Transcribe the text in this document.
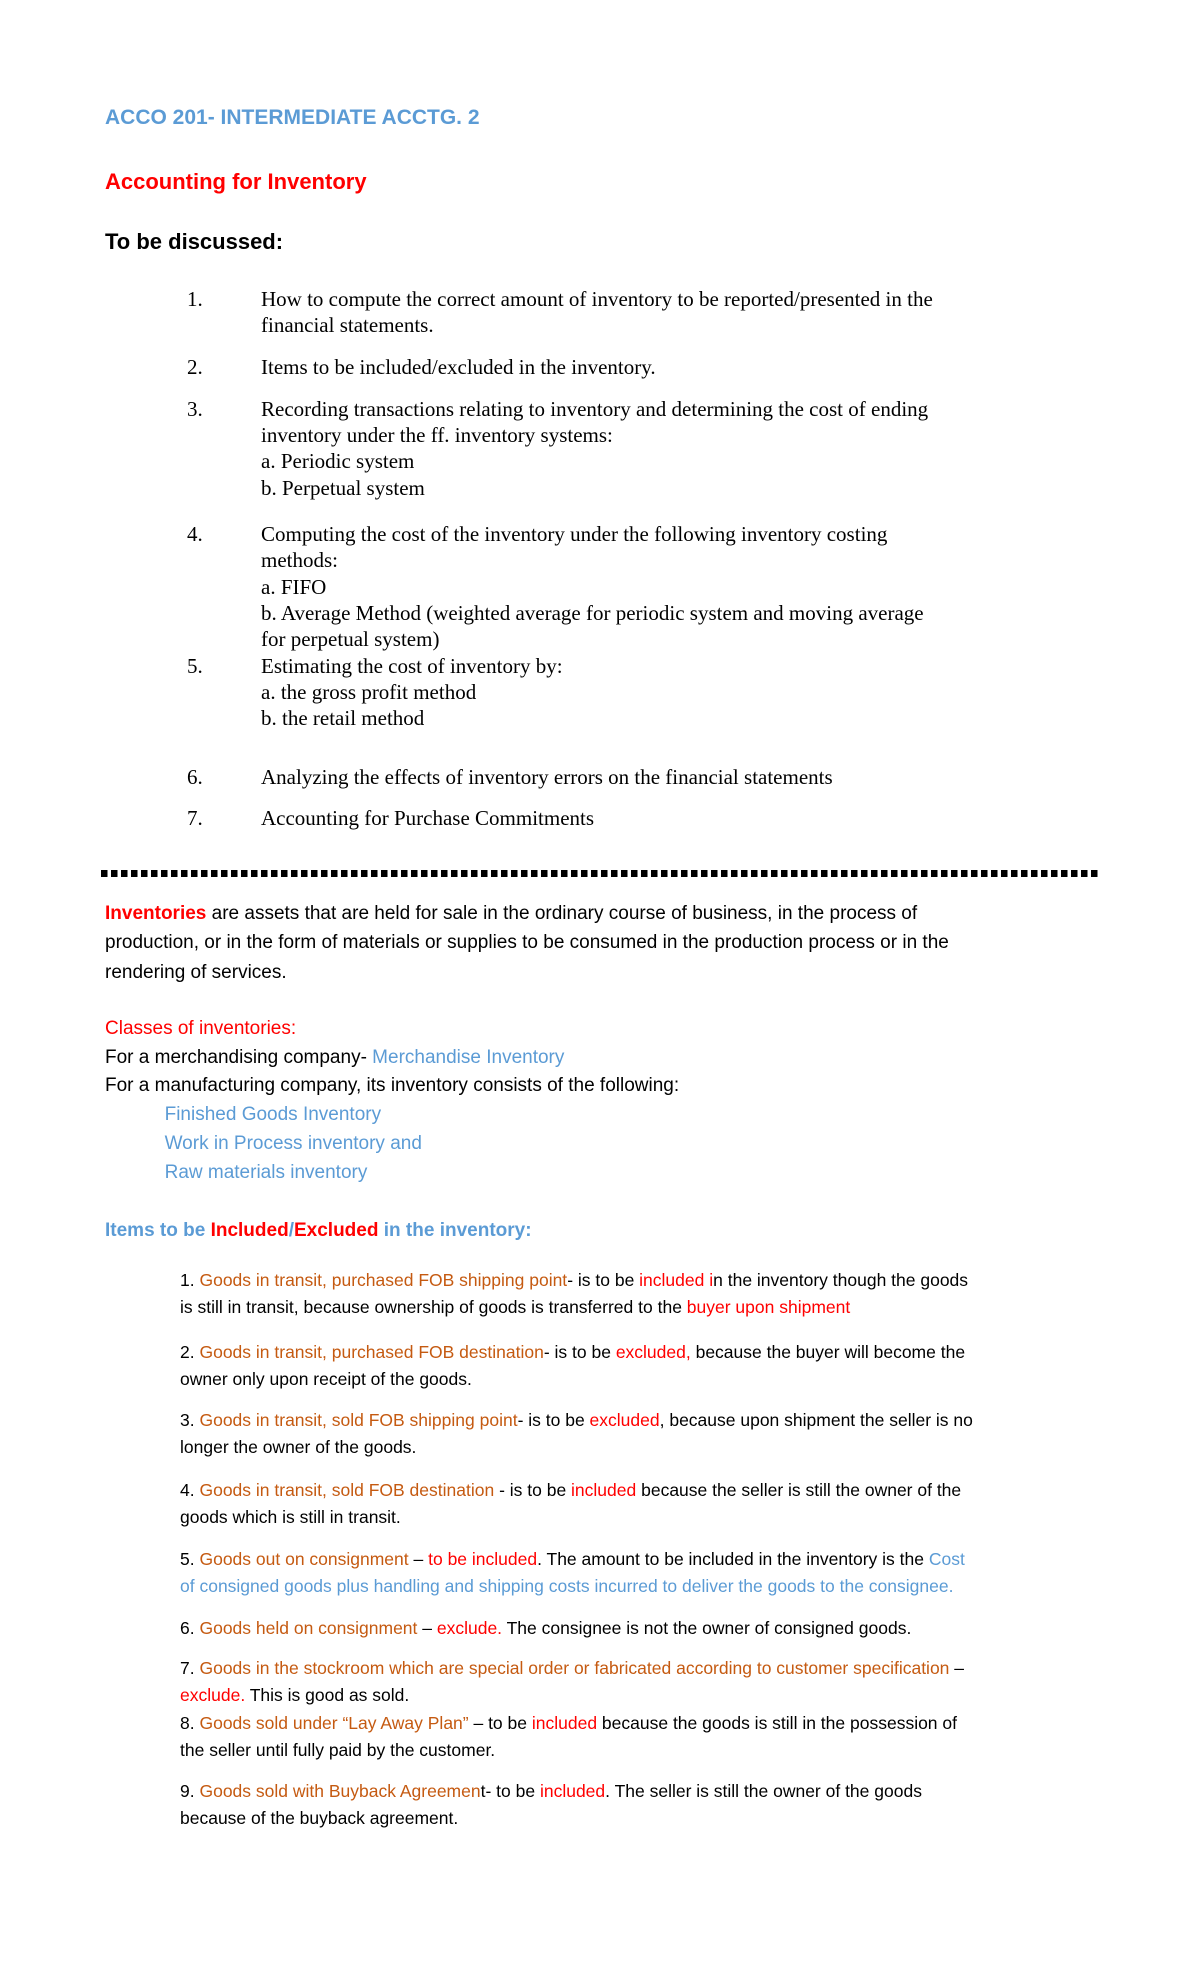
ACCO 201- INTERMEDIATE ACCTG. 2
Accounting for Inventory
To be discussed:
1.	How to compute the correct amount of inventory to be reported/presented in the
financial statements.
2.	Items to be included/excluded in the inventory.
3.	Recording transactions relating to inventory and determining the cost of ending
inventory under the ff. inventory systems:
a. Periodic system
b. Perpetual system
4.	Computing the cost of the inventory under the following inventory costing
methods:
a. FIFO
b. Average Method (weighted average for periodic system and moving average
for perpetual system)
5.	Estimating the cost of inventory by:
a. the gross profit method
b. the retail method
6.	Analyzing the effects of inventory errors on the financial statements
7.	Accounting for Purchase Commitments
Inventories are assets that are held for sale in the ordinary course of business, in the process of
production, or in the form of materials or supplies to be consumed in the production process or in the
rendering of services.
Classes of inventories:
For a merchandising company- Merchandise Inventory
For a manufacturing company, its inventory consists of the following:
Finished Goods Inventory
Work in Process inventory and
Raw materials inventory
Items to be Included/Excluded in the inventory:
1. Goods in transit, purchased FOB shipping point- is to be included in the inventory though the goods
is still in transit, because ownership of goods is transferred to the buyer upon shipment
2. Goods in transit, purchased FOB destination- is to be excluded, because the buyer will become the
owner only upon receipt of the goods.
3. Goods in transit, sold FOB shipping point- is to be excluded, because upon shipment the seller is no
longer the owner of the goods.
4. Goods in transit, sold FOB destination - is to be included because the seller is still the owner of the
goods which is still in transit.
5. Goods out on consignment – to be included. The amount to be included in the inventory is the Cost
of consigned goods plus handling and shipping costs incurred to deliver the goods to the consignee.
6. Goods held on consignment – exclude. The consignee is not the owner of consigned goods.
7. Goods in the stockroom which are special order or fabricated according to customer specification –
exclude. This is good as sold.
8. Goods sold under “Lay Away Plan” – to be included because the goods is still in the possession of
the seller until fully paid by the customer.
9. Goods sold with Buyback Agreement- to be included. The seller is still the owner of the goods
because of the buyback agreement.
